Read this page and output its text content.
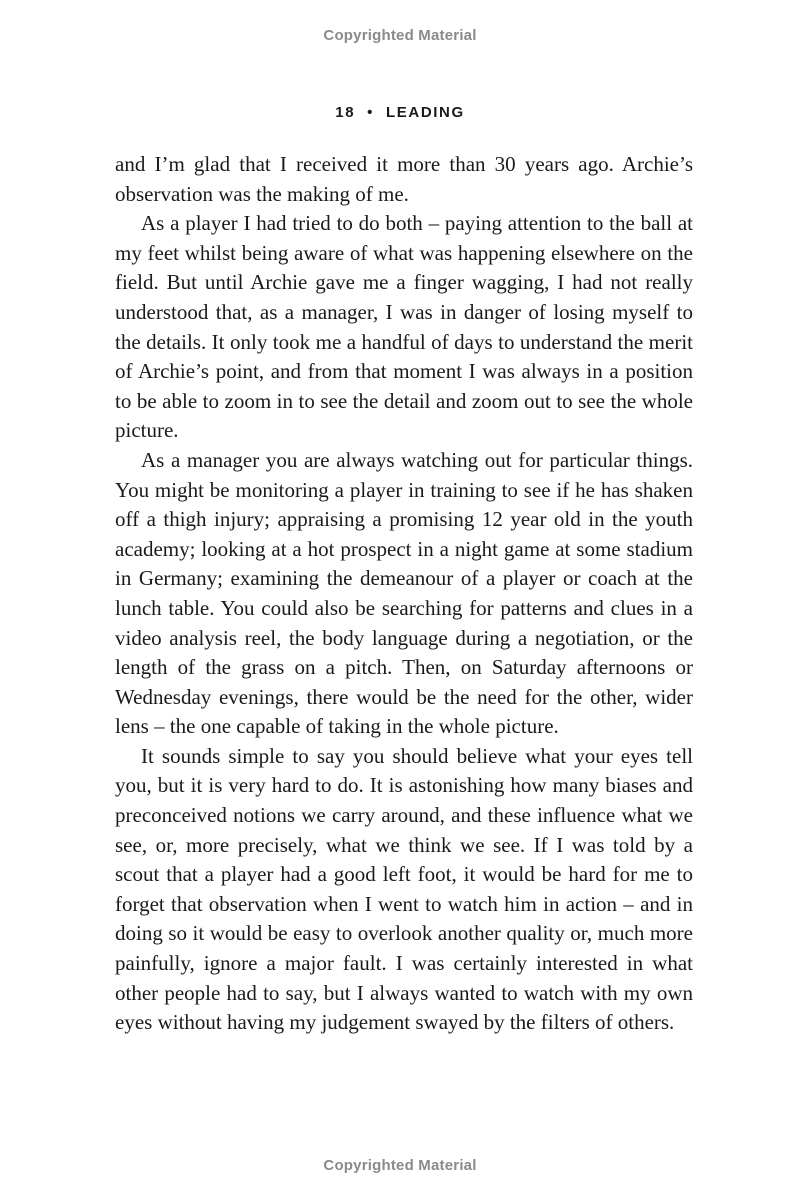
Copyrighted Material
18 • LEADING

and I’m glad that I received it more than 30 years ago. Archie’s observation was the making of me.

As a player I had tried to do both – paying attention to the ball at my feet whilst being aware of what was happening elsewhere on the field. But until Archie gave me a finger wagging, I had not really understood that, as a manager, I was in danger of losing myself to the details. It only took me a handful of days to understand the merit of Archie’s point, and from that moment I was always in a position to be able to zoom in to see the detail and zoom out to see the whole picture.

As a manager you are always watching out for particular things. You might be monitoring a player in training to see if he has shaken off a thigh injury; appraising a promising 12 year old in the youth academy; looking at a hot prospect in a night game at some stadium in Germany; examining the demeanour of a player or coach at the lunch table. You could also be searching for patterns and clues in a video analysis reel, the body language during a negotiation, or the length of the grass on a pitch. Then, on Saturday afternoons or Wednesday evenings, there would be the need for the other, wider lens – the one capable of taking in the whole picture.

It sounds simple to say you should believe what your eyes tell you, but it is very hard to do. It is astonishing how many biases and preconceived notions we carry around, and these influence what we see, or, more precisely, what we think we see. If I was told by a scout that a player had a good left foot, it would be hard for me to forget that observation when I went to watch him in action – and in doing so it would be easy to overlook another quality or, much more painfully, ignore a major fault. I was certainly interested in what other people had to say, but I always wanted to watch with my own eyes without having my judgement swayed by the filters of others.

Copyrighted Material
